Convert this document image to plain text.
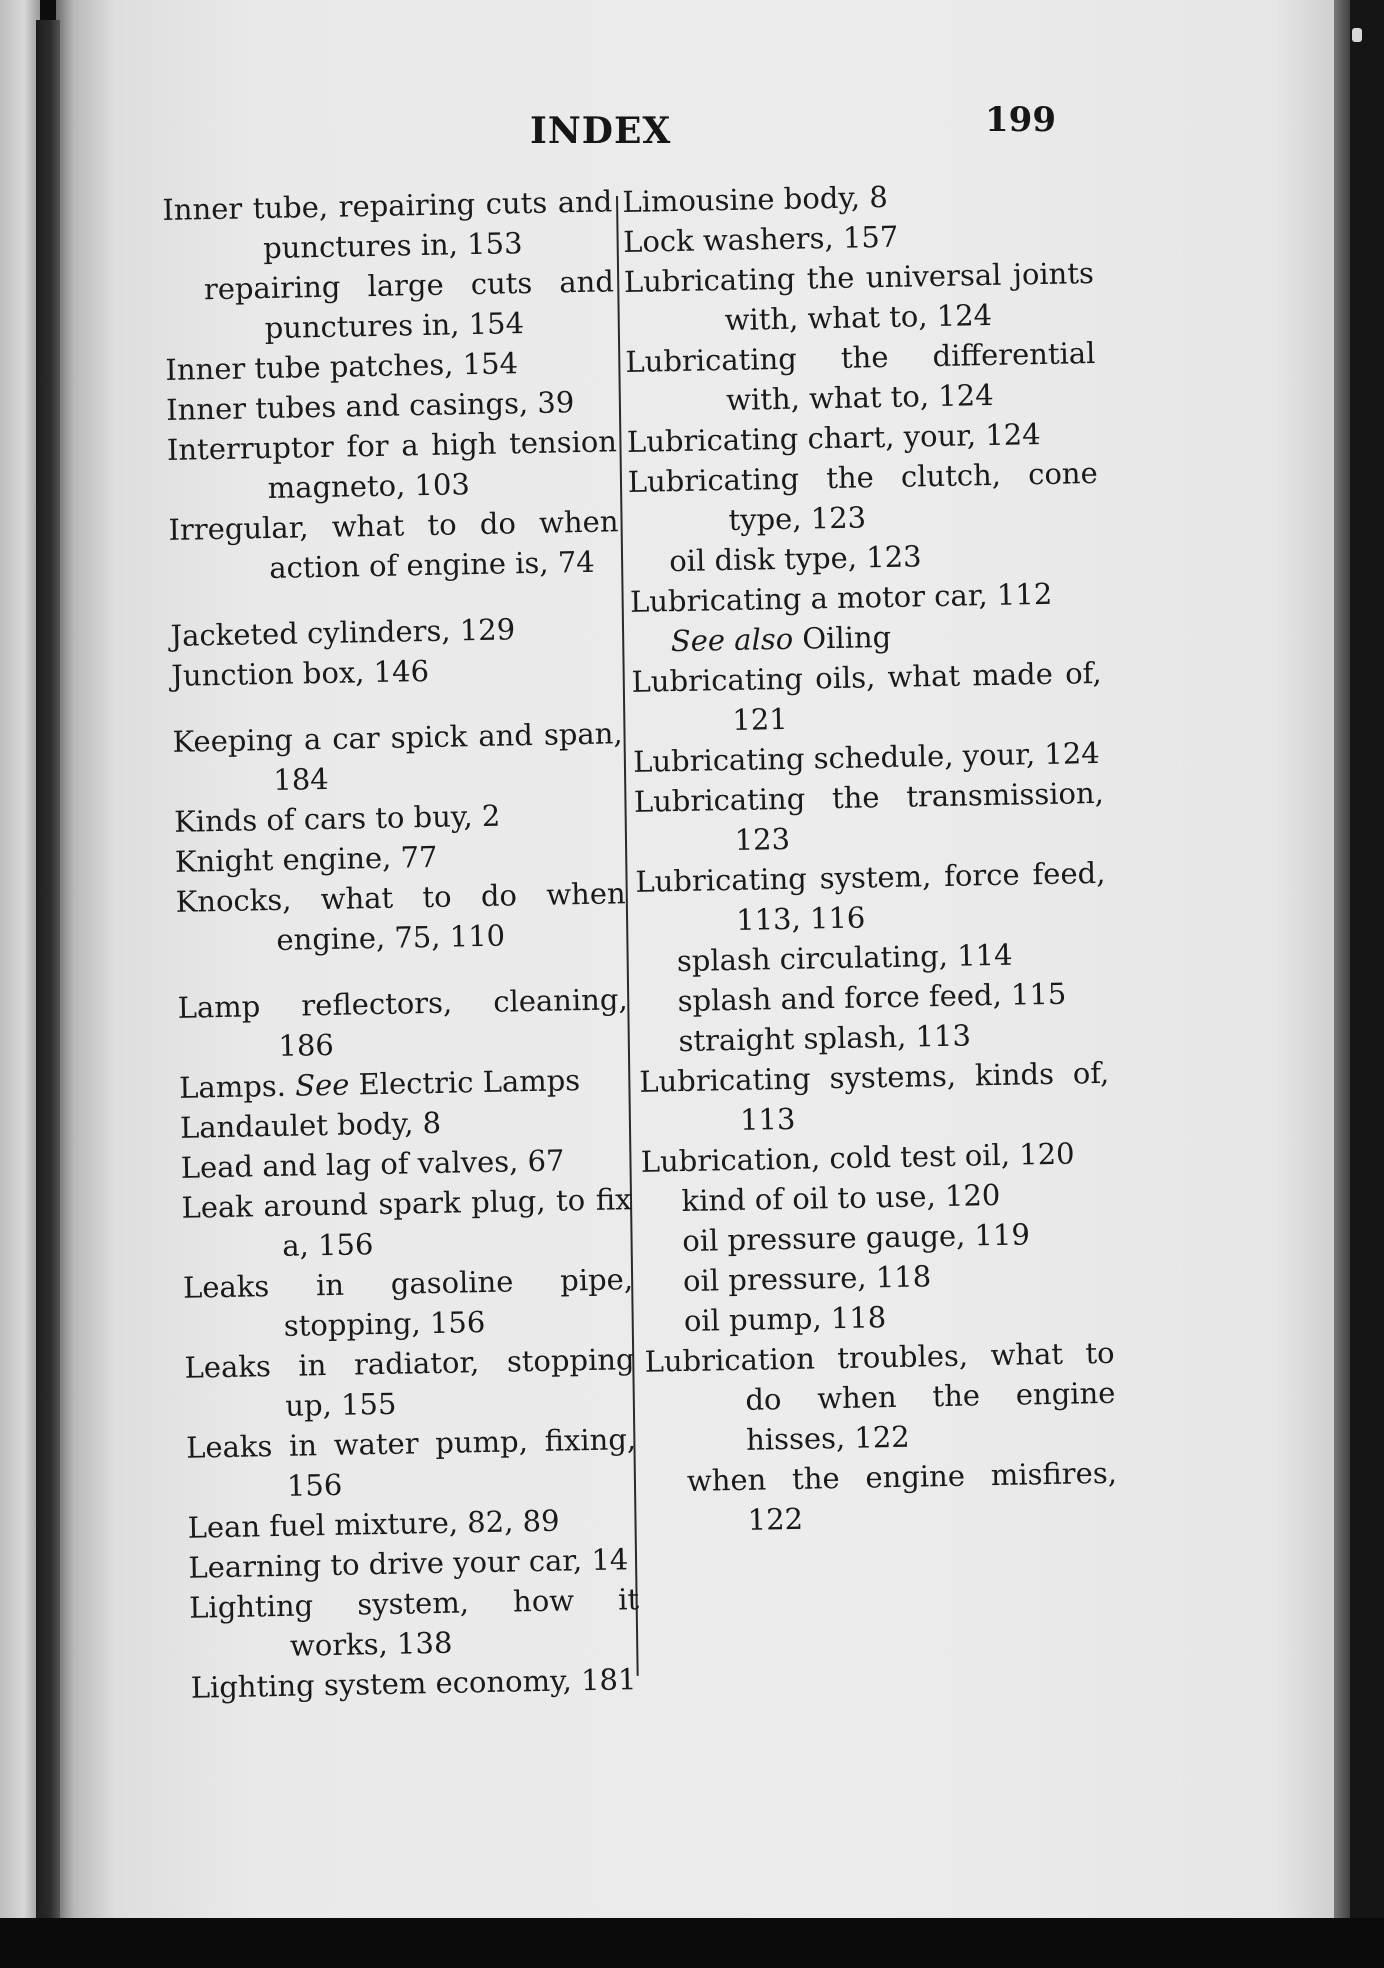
INDEX	199
Inner tube, repairing cuts and punctures in, 153
repairing large cuts and punctures in, 154
Inner tube patches, 154
Inner tubes and casings, 39
Interruptor for a high tension magneto, 103
Irregular, what to do when action of engine is, 74
Jacketed cylinders, 129
Junction box, 146
Keeping a car spick and span, 184
Kinds of cars to buy, 2
Knight engine, 77
Knocks, what to do when engine, 75, 110
Lamp reflectors, cleaning, 186
Lamps. See Electric Lamps
Landaulet body, 8
Lead and lag of valves, 67
Leak around spark plug, to fix a, 156
Leaks in gasoline pipe, stopping, 156
Leaks in radiator, stopping up, 155
Leaks in water pump, fixing, 156
Lean fuel mixture, 82, 89
Learning to drive your car, 14
Lighting system, how it works, 138
Lighting system economy, 181
Limousine body, 8
Lock washers, 157
Lubricating the universal joints with, what to, 124
Lubricating the differential with, what to, 124
Lubricating chart, your, 124
Lubricating the clutch, cone type, 123
oil disk type, 123
Lubricating a motor car, 112
See also Oiling
Lubricating oils, what made of, 121
Lubricating schedule, your, 124
Lubricating the transmission, 123
Lubricating system, force feed, 113, 116
splash circulating, 114
splash and force feed, 115
straight splash, 113
Lubricating systems, kinds of, 113
Lubrication, cold test oil, 120
kind of oil to use, 120
oil pressure gauge, 119
oil pressure, 118
oil pump, 118
Lubrication troubles, what to do when the engine hisses, 122
when the engine misfires, 122
